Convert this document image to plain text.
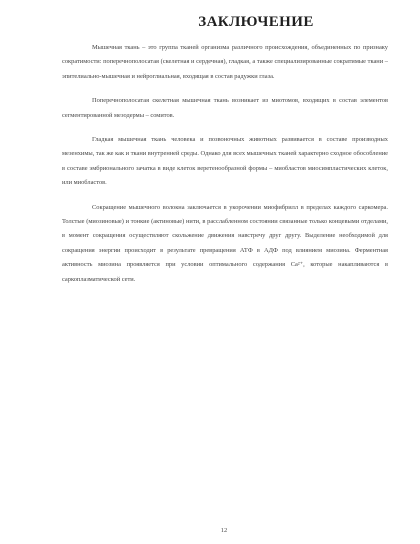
ЗАКЛЮЧЕНИЕ

Мышечная ткань – это группа тканей организма различного происхождения, объединенных по признаку сократимости: поперечнополосатая (скелетная и сердечная), гладкая, а также специализированные сократимые ткани – эпителиально-мышечная и нейроглиальная, входящая в состав радужки глаза.

Поперечнополосатая скелетная мышечная ткань возникает из миотомов, входящих в состав элементов сегментированной мезодермы – сомитов.

Гладкая мышечная ткань человека и позвоночных животных развивается в составе производных мезенхимы, так же как и ткани внутренней среды. Однако для всех мышечных тканей характерно сходное обособление в составе эмбрионального зачатка в виде клеток веретенообразной формы – миобластов миосимпластических клеток, или миобластов.

Сокращение мышечного волокна заключается в укорочении миофибрилл в пределах каждого саркомера. Толстые (миозиновые) и тонкие (актиновые) нити, в расслабленном состоянии связанные только концевыми отделами, в момент сокращения осуществляют скольжение движения навстречу друг другу. Выделение необходимой для сокращения энергии происходит в результате превращения АТФ в АДФ под влиянием миозина. Ферментная активность миозина проявляется при условии оптимального содержания Ca²⁺, которые накапливаются в саркоплазматической сети.

12
